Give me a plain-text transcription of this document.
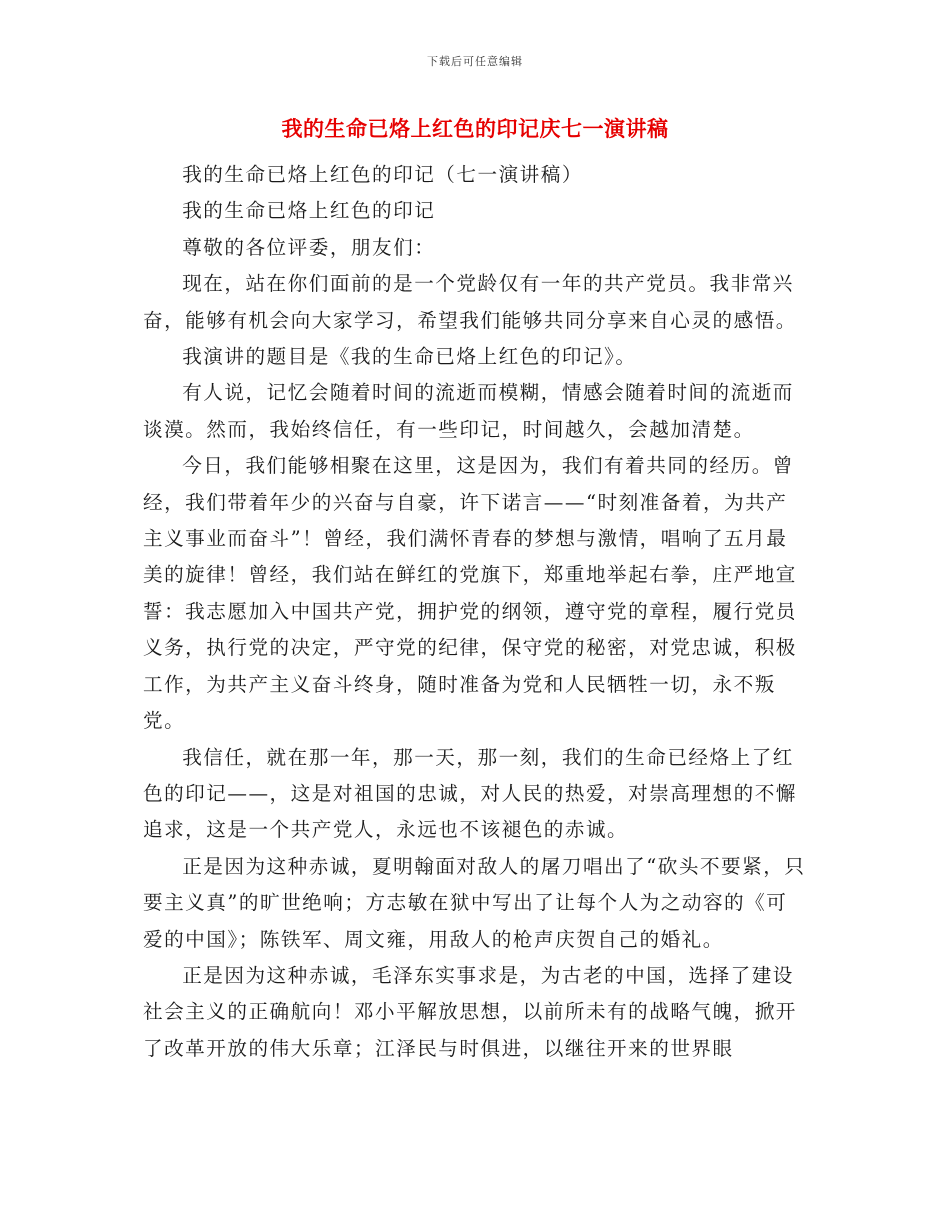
下载后可任意编辑
我的生命已烙上红色的印记庆七一演讲稿

我的生命已烙上红色的印记（七一演讲稿）

我的生命已烙上红色的印记

尊敬的各位评委，朋友们：

现在，站在你们面前的是一个党龄仅有一年的共产党员。我非常兴奋，能够有机会向大家学习，希望我们能够共同分享来自心灵的感悟。

我演讲的题目是《我的生命已烙上红色的印记》。

有人说，记忆会随着时间的流逝而模糊，情感会随着时间的流逝而谈漠。然而，我始终信任，有一些印记，时间越久，会越加清楚。

今日，我们能够相聚在这里，这是因为，我们有着共同的经历。曾经，我们带着年少的兴奋与自豪，许下诺言——“时刻准备着，为共产主义事业而奋斗”！曾经，我们满怀青春的梦想与激情，唱响了五月最美的旋律！曾经，我们站在鲜红的党旗下，郑重地举起右拳，庄严地宣誓：我志愿加入中国共产党，拥护党的纲领，遵守党的章程，履行党员义务，执行党的决定，严守党的纪律，保守党的秘密，对党忠诚，积极工作，为共产主义奋斗终身，随时准备为党和人民牺牲一切，永不叛党。

我信任，就在那一年，那一天，那一刻，我们的生命已经烙上了红色的印记——，这是对祖国的忠诚，对人民的热爱，对崇高理想的不懈追求，这是一个共产党人，永远也不该褪色的赤诚。

正是因为这种赤诚，夏明翰面对敌人的屠刀唱出了“砍头不要紧，只要主义真”的旷世绝响；方志敏在狱中写出了让每个人为之动容的《可爱的中国》；陈铁军、周文雍，用敌人的枪声庆贺自己的婚礼。

正是因为这种赤诚，毛泽东实事求是，为古老的中国，选择了建设社会主义的正确航向！邓小平解放思想，以前所未有的战略气魄，掀开了改革开放的伟大乐章；江泽民与时俱进，以继往开来的世界眼
